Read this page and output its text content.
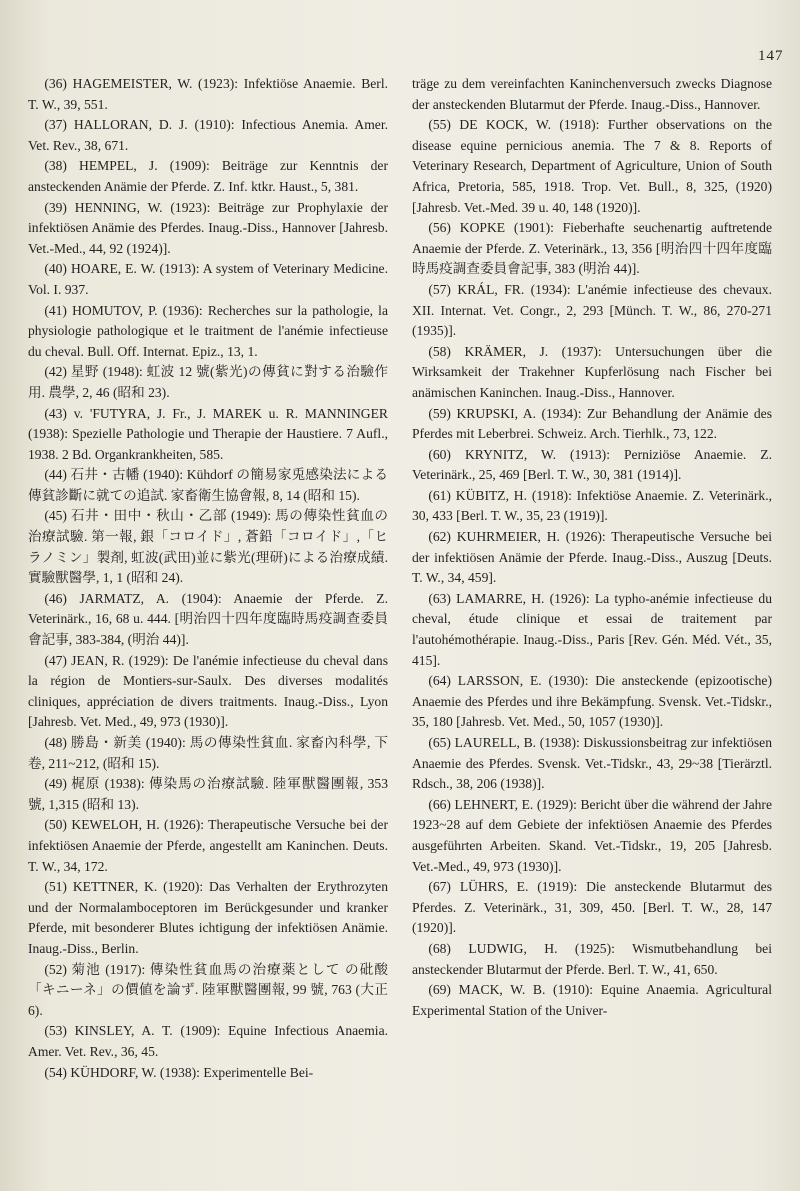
147

(36) HAGEMEISTER, W. (1923): Infektiöse Anaemie. Berl. T. W., 39, 551.

(37) HALLORAN, D. J. (1910): Infectious Anemia. Amer. Vet. Rev., 38, 671.

(38) HEMPEL, J. (1909): Beiträge zur Kenntnis der ansteckenden Anämie der Pferde. Z. Inf. ktkr. Haust., 5, 381.

(39) HENNING, W. (1923): Beiträge zur Prophylaxie der infektiösen Anämie des Pferdes. Inaug.-Diss., Hannover [Jahresb. Vet.-Med., 44, 92 (1924)].

(40) HOARE, E. W. (1913): A system of Veterinary Medicine. Vol. I. 937.

(41) HOMUTOV, P. (1936): Recherches sur la pathologie, la physiologie pathologique et le traitment de l'anémie infectieuse du cheval. Bull. Off. Internat. Epiz., 13, 1.

(42) 星野 (1948): 虹波 12 號(紫光)の傳貧に對する治驗作用. 農學, 2, 46 (昭和 23).

(43) v. 'FUTYRA, J. Fr., J. MAREK u. R. MANNINGER (1938): Spezielle Pathologie und Therapie der Haustiere. 7 Aufl., 1938. 2 Bd. Organkrankheiten, 585.

(44) 石井・古幡 (1940): Kühdorf の簡易家兎感染法による傳貧診斷に就ての追試. 家畜衛生協會報, 8, 14 (昭和 15).

(45) 石井・田中・秋山・乙部 (1949): 馬の傳染性貧血の治療試驗. 第一報, 銀「コロイド」, 蒼鉛「コロイド」,「ヒラノミン」製剤, 虹波(武田)並に紫光(理研)による治療成績. 實驗獸醫學, 1, 1 (昭和 24).

(46) JARMATZ, A. (1904): Anaemie der Pferde. Z. Veterinärk., 16, 68 u. 444. [明治四十四年度臨時馬疫調查委員會記事, 383-384, (明治 44)].

(47) JEAN, R. (1929): De l'anémie infectieuse du cheval dans la région de Montiers-sur-Saulx. Des diverses modalités cliniques, appréciation de divers traitments. Inaug.-Diss., Lyon [Jahresb. Vet. Med., 49, 973 (1930)].

(48) 勝島・新美 (1940): 馬の傳染性貧血. 家畜內科學, 下卷, 211~212, (昭和 15).

(49) 梶原 (1938): 傳染馬の治療試驗. 陸軍獸醫團報, 353 號, 1,315 (昭和 13).

(50) KEWELOH, H. (1926): Therapeutische Versuche bei der infektiösen Anaemie der Pferde, angestellt am Kaninchen. Deuts. T. W., 34, 172.

(51) KETTNER, K. (1920): Das Verhalten der Erythrozyten und der Normalamboceptoren im Berückgesunder und kranker Pferde, mit besonderer Blutes ichtigung der infektiösen Anämie. Inaug.-Diss., Berlin.

(52) 菊池 (1917): 傳染性貧血馬の治療薬として の砒酸「キニーネ」の價値を論ず. 陸軍獸醫團報, 99 號, 763 (大正 6).

(53) KINSLEY, A. T. (1909): Equine Infectious Anaemia. Amer. Vet. Rev., 36, 45.

(54) KÜHDORF, W. (1938): Experimentelle Bei-

träge zu dem vereinfachten Kaninchenversuch zwecks Diagnose der ansteckenden Blutarmut der Pferde. Inaug.-Diss., Hannover.

(55) DE KOCK, W. (1918): Further observations on the disease equine pernicious anemia. The 7 & 8. Reports of Veterinary Research, Department of Agriculture, Union of South Africa, Pretoria, 585, 1918. Trop. Vet. Bull., 8, 325, (1920) [Jahresb. Vet.-Med. 39 u. 40, 148 (1920)].

(56) KOPKE (1901): Fieberhafte seuchenartig auftretende Anaemie der Pferde. Z. Veterinärk., 13, 356 [明治四十四年度臨時馬疫調查委員會記事, 383 (明治 44)].

(57) KRÁL, FR. (1934): L'anémie infectieuse des chevaux. XII. Internat. Vet. Congr., 2, 293 [Münch. T. W., 86, 270-271 (1935)].

(58) KRÄMER, J. (1937): Untersuchungen über die Wirksamkeit der Trakehner Kupferlösung nach Fischer bei anämischen Kaninchen. Inaug.-Diss., Hannover.

(59) KRUPSKI, A. (1934): Zur Behandlung der Anämie des Pferdes mit Leberbrei. Schweiz. Arch. Tierhlk., 73, 122.

(60) KRYNITZ, W. (1913): Perniziöse Anaemie. Z. Veterinärk., 25, 469 [Berl. T. W., 30, 381 (1914)].

(61) KÜBITZ, H. (1918): Infektiöse Anaemie. Z. Veterinärk., 30, 433 [Berl. T. W., 35, 23 (1919)].

(62) KUHRMEIER, H. (1926): Therapeutische Versuche bei der infektiösen Anämie der Pferde. Inaug.-Diss., Auszug [Deuts. T. W., 34, 459].

(63) LAMARRE, H. (1926): La typho-anémie infectieuse du cheval, étude clinique et essai de traitement par l'autohémothérapie. Inaug.-Diss., Paris [Rev. Gén. Méd. Vét., 35, 415].

(64) LARSSON, E. (1930): Die ansteckende (epizootische) Anaemie des Pferdes und ihre Bekämpfung. Svensk. Vet.-Tidskr., 35, 180 [Jahresb. Vet. Med., 50, 1057 (1930)].

(65) LAURELL, B. (1938): Diskussionsbeitrag zur infektiösen Anaemie des Pferdes. Svensk. Vet.-Tidskr., 43, 29~38 [Tierärztl. Rdsch., 38, 206 (1938)].

(66) LEHNERT, E. (1929): Bericht über die während der Jahre 1923~28 auf dem Gebiete der infektiösen Anaemie des Pferdes ausgeführten Arbeiten. Skand. Vet.-Tidskr., 19, 205 [Jahresb. Vet.-Med., 49, 973 (1930)].

(67) LÜHRS, E. (1919): Die ansteckende Blutarmut des Pferdes. Z. Veterinärk., 31, 309, 450. [Berl. T. W., 28, 147 (1920)].

(68) LUDWIG, H. (1925): Wismutbehandlung bei ansteckender Blutarmut der Pferde. Berl. T. W., 41, 650.

(69) MACK, W. B. (1910): Equine Anaemia. Agricultural Experimental Station of the Univer-
